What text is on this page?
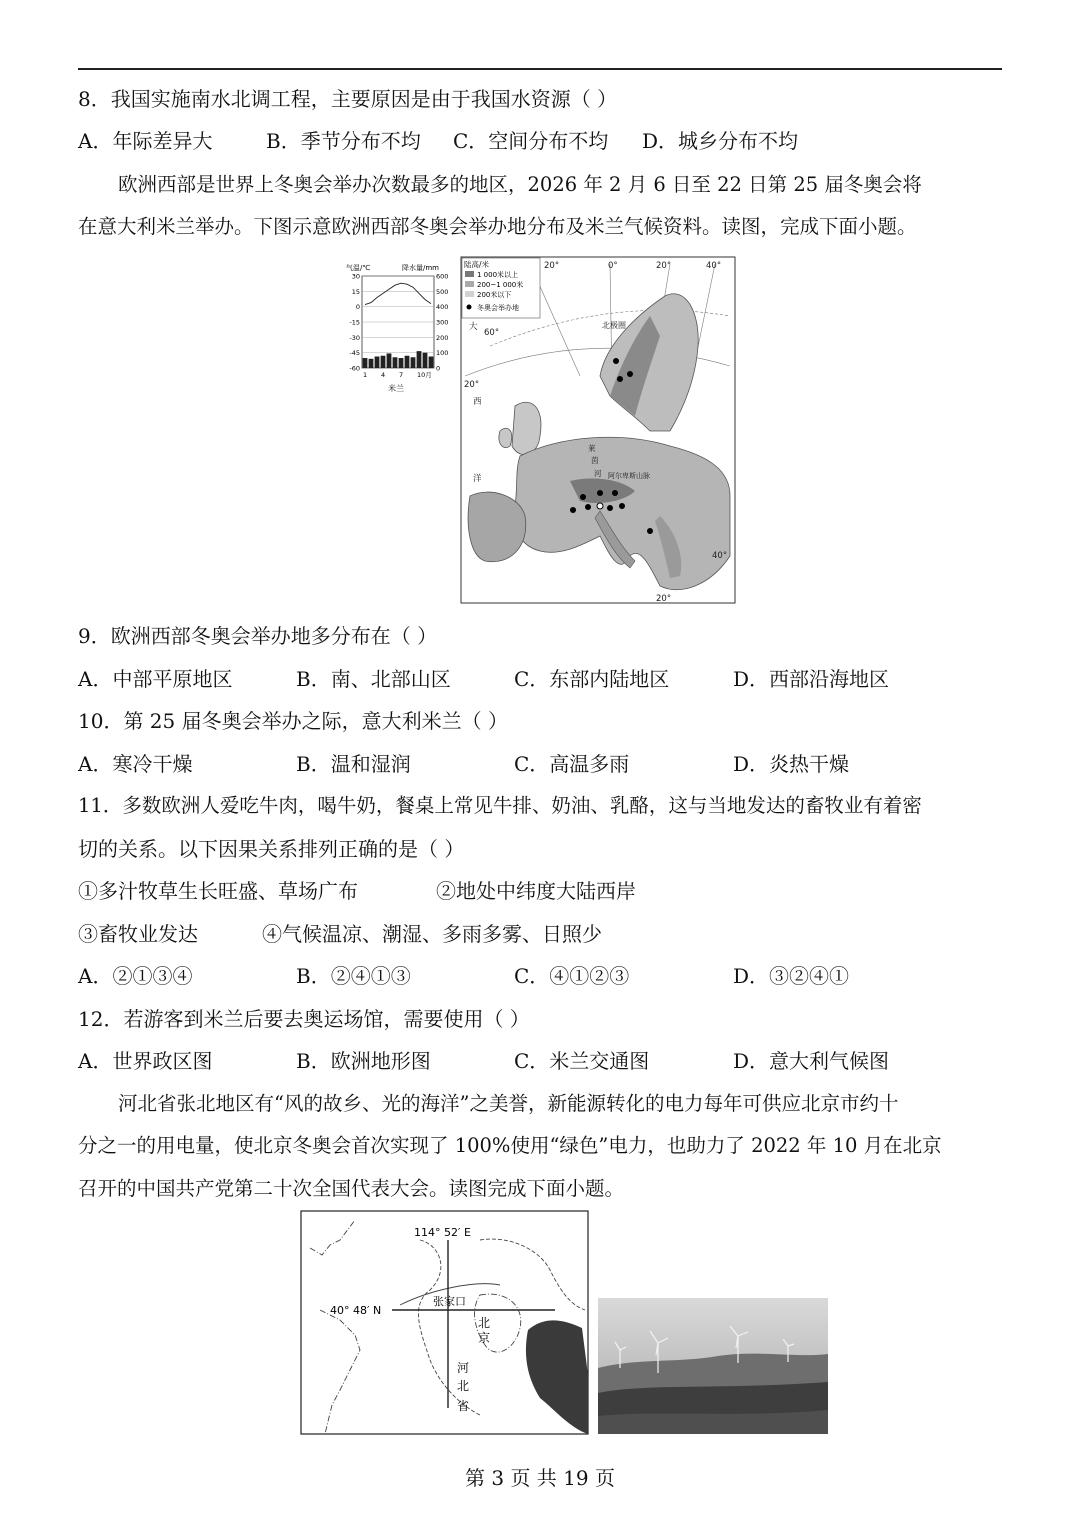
8．我国实施南水北调工程，主要原因是由于我国水资源（ ）
A．年际差异大	B．季节分布不均 C．空间分布不均 D．城乡分布不均
欧洲西部是世界上冬奥会举办次数最多的地区，2026 年 2 月 6 日至 22 日第 25 届冬奥会将
在意大利米兰举办。下图示意欧洲西部冬奥会举办地分布及米兰气候资料。读图，完成下面小题。
气温/℃	降水量/mm
30
15
0
-15
-30
-45
-60
600
500
400
300
200
100
0
1 4 7 10月
米兰
陆高/米
1 000米以上
200~1 000米
200米以下
冬奥会举办地
20°	0°	20°	40°
60°
20°
40°
20°
北极圈
大
西
洋
莱
茵
河 阿尔卑斯山脉
9．欧洲西部冬奥会举办地多分布在（ ）
A．中部平原地区	B．南、北部山区	C．东部内陆地区	D．西部沿海地区
10．第 25 届冬奥会举办之际，意大利米兰（ ）
A．寒冷干燥	B．温和湿润	C．高温多雨	D．炎热干燥
11．多数欧洲人爱吃牛肉，喝牛奶，餐桌上常见牛排、奶油、乳酪，这与当地发达的畜牧业有着密
切的关系。以下因果关系排列正确的是（ ）
①多汁牧草生长旺盛、草场广布	②地处中纬度大陆西岸
③畜牧业发达	④气候温凉、潮湿、多雨多雾、日照少
A．②①③④	B．②④①③	C．④①②③	D．③②④①
12．若游客到米兰后要去奥运场馆，需要使用（ ）
A．世界政区图	B．欧洲地形图	C．米兰交通图	D．意大利气候图
河北省张北地区有“风的故乡、光的海洋”之美誉，新能源转化的电力每年可供应北京市约十
分之一的用电量，使北京冬奥会首次实现了 100%使用“绿色”电力，也助力了 2022 年 10 月在北京
召开的中国共产党第二十次全国代表大会。读图完成下面小题。
114° 52′ E
40° 48′ N
张家口
北
京
河
北
省
第 3 页 共 19 页
